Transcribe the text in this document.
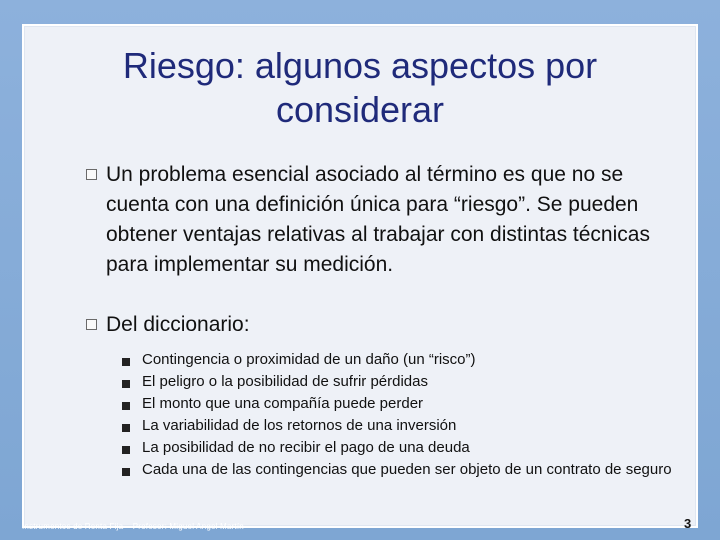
Riesgo: algunos aspectos por
considerar
Un problema esencial asociado al término es que no se cuenta con una definición única para “riesgo”. Se pueden obtener ventajas relativas al trabajar con distintas técnicas para implementar su medición.
Del diccionario:
Contingencia o proximidad de un daño (un “risco”)
El peligro o la posibilidad de sufrir pérdidas
El monto que una compañía puede perder
La variabilidad de los retornos de una inversión
La posibilidad de no recibir el pago de una deuda
Cada una de las contingencias que pueden ser objeto de un contrato de seguro
Instrumentos de Renta Fija – Profesor: Miguel Angel Martín	3
